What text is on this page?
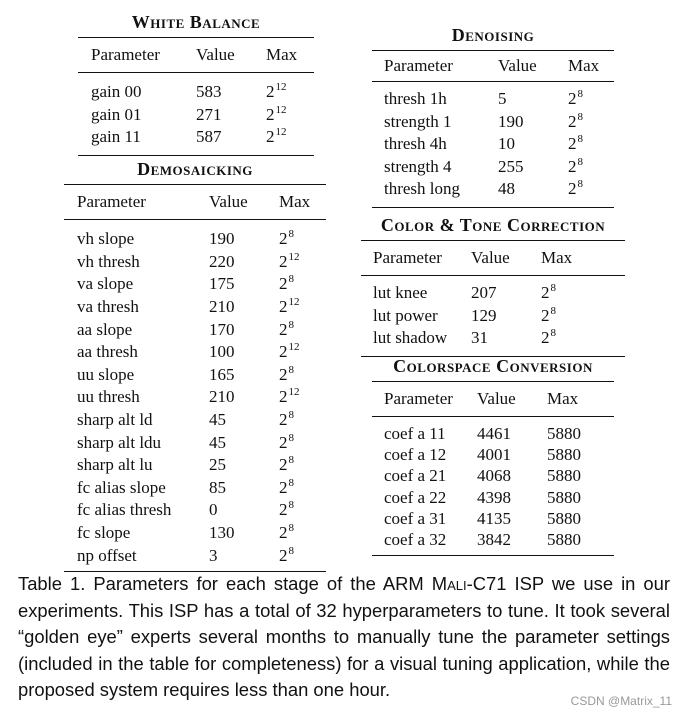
White Balance
Parameter	Value	Max
gain 00	583	$2^{12}$
gain 01	271	$2^{12}$
gain 11	587	$2^{12}$
Demosaicking
Parameter	Value	Max
vh slope	190	$2^8$
vh thresh	220	$2^{12}$
va slope	175	$2^8$
va thresh	210	$2^{12}$
aa slope	170	$2^8$
aa thresh	100	$2^{12}$
uu slope	165	$2^8$
uu thresh	210	$2^{12}$
sharp alt ld	45	$2^8$
sharp alt ldu	45	$2^8$
sharp alt lu	25	$2^8$
fc alias slope	85	$2^8$
fc alias thresh	0	$2^8$
fc slope	130	$2^8$
np offset	3	$2^8$
Denoising
Parameter	Value	Max
thresh 1h	5	$2^8$
strength 1	190	$2^8$
thresh 4h	10	$2^8$
strength 4	255	$2^8$
thresh long	48	$2^8$
Color & Tone Correction
Parameter	Value	Max
lut knee	207	$2^8$
lut power	129	$2^8$
lut shadow	31	$2^8$
Colorspace Conversion
Parameter	Value	Max
coef a 11	4461	5880
coef a 12	4001	5880
coef a 21	4068	5880
coef a 22	4398	5880
coef a 31	4135	5880
coef a 32	3842	5880
Table 1. Parameters for each stage of the ARM Mali-C71 ISP we use in our experiments. This ISP has a total of 32 hyperparameters to tune. It took several “golden eye” experts several months to manually tune the parameter settings (included in the table for completeness) for a visual tuning application, while the proposed system requires less than one hour.
CSDN @Matrix_11
